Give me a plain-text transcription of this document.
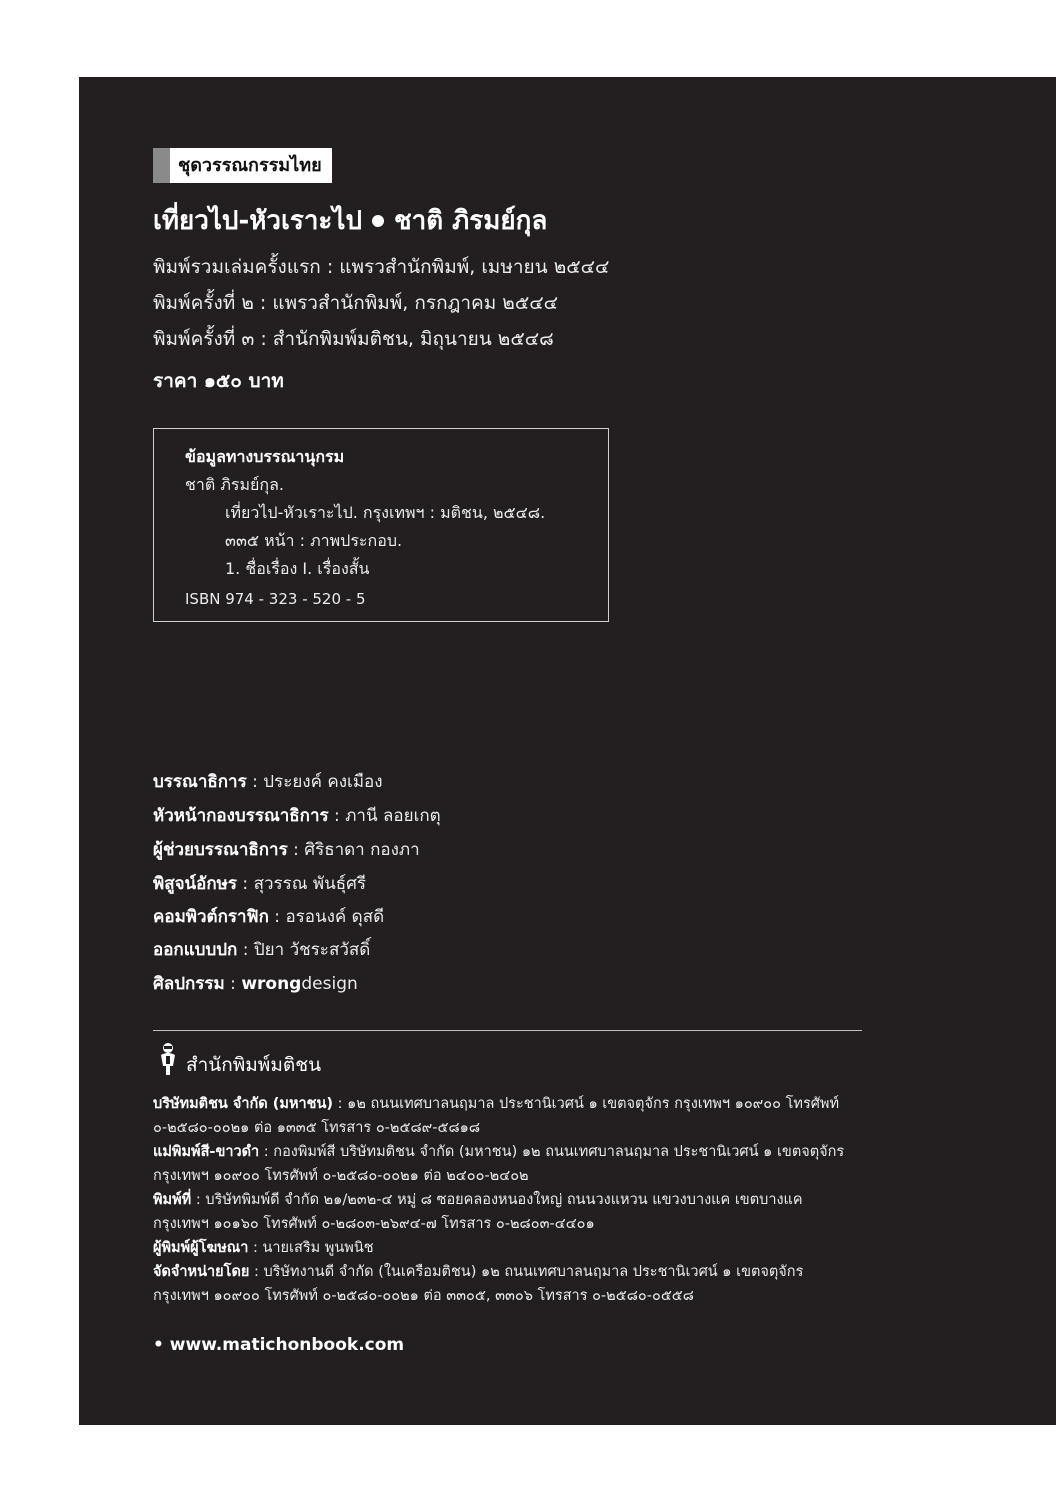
ชุดวรรณกรรมไทย
เที่ยวไป-หัวเราะไป ชาติ ภิรมย์กุล
พิมพ์รวมเล่มครั้งแรก : แพรวสำนักพิมพ์, เมษายน ๒๕๔๔
พิมพ์ครั้งที่ ๒ : แพรวสำนักพิมพ์, กรกฎาคม ๒๕๔๔
พิมพ์ครั้งที่ ๓ : สำนักพิมพ์มติชน, มิถุนายน ๒๕๔๘
ราคา ๑๕๐ บาท
ข้อมูลทางบรรณานุกรม
ชาติ ภิรมย์กุล.
เที่ยวไป-หัวเราะไป. กรุงเทพฯ : มติชน, ๒๕๔๘.
๓๓๕ หน้า : ภาพประกอบ.
1. ชื่อเรื่อง I. เรื่องสั้น
ISBN 974 - 323 - 520 - 5
บรรณาธิการ : ประยงค์ คงเมือง
หัวหน้ากองบรรณาธิการ : ภานี ลอยเกตุ
ผู้ช่วยบรรณาธิการ : ศิริธาดา กองภา
พิสูจน์อักษร : สุวรรณ พันธุ์ศรี
คอมพิวต์กราฟิก : อรอนงค์ ดุสดี
ออกแบบปก : ปิยา วัชระสวัสดิ์
ศิลปกรรม : wrongdesign
สำนักพิมพ์มติชน

บริษัทมติชน จำกัด (มหาชน) : ๑๒ ถนนเทศบาลนฤมาล ประชานิเวศน์ ๑ เขตจตุจักร กรุงเทพฯ ๑๐๙๐๐ โทรศัพท์ ๐-๒๕๘๐-๐๐๒๑ ต่อ ๑๓๓๕ โทรสาร ๐-๒๕๘๙-๕๘๑๘

แม่พิมพ์สี-ขาวดำ : กองพิมพ์สี บริษัทมติชน จำกัด (มหาชน) ๑๒ ถนนเทศบาลนฤมาล ประชานิเวศน์ ๑ เขตจตุจักร กรุงเทพฯ ๑๐๙๐๐ โทรศัพท์ ๐-๒๕๘๐-๐๐๒๑ ต่อ ๒๔๐๐-๒๔๐๒

พิมพ์ที่ : บริษัทพิมพ์ดี จำกัด ๒๑/๒๓๒-๔ หมู่ ๘ ซอยคลองหนองใหญ่ ถนนวงแหวน แขวงบางแค เขตบางแค กรุงเทพฯ ๑๐๑๖๐ โทรศัพท์ ๐-๒๘๐๓-๒๖๙๔-๗ โทรสาร ๐-๒๘๐๓-๔๔๐๑

ผู้พิมพ์ผู้โฆษณา : นายเสริม พูนพนิช

จัดจำหน่ายโดย : บริษัทงานดี จำกัด (ในเครือมติชน) ๑๒ ถนนเทศบาลนฤมาล ประชานิเวศน์ ๑ เขตจตุจักร กรุงเทพฯ ๑๐๙๐๐ โทรศัพท์ ๐-๒๕๘๐-๐๐๒๑ ต่อ ๓๓๐๕, ๓๓๐๖ โทรสาร ๐-๒๕๘๐-๐๕๕๘

• www.matichonbook.com
